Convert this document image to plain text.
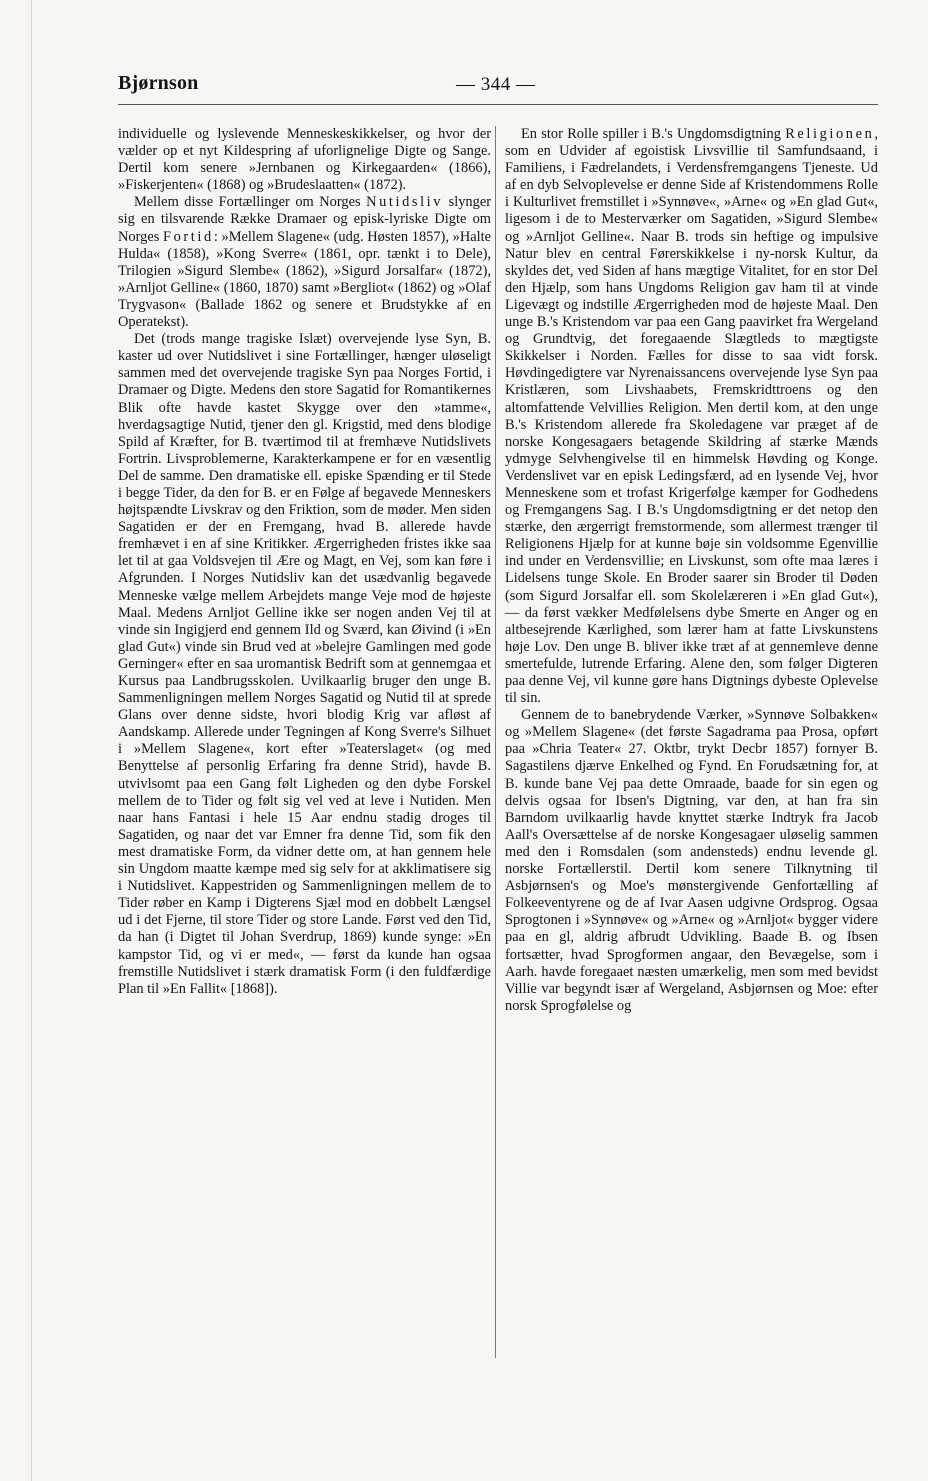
Bjørnson	— 344 —

individuelle og lyslevende Menneskeskikkelser, og hvor der vælder op et nyt Kildespring af uforlignelige Digte og Sange. Dertil kom senere »Jernbanen og Kirkegaarden« (1866), »Fiskerjenten« (1868) og »Brudeslaatten« (1872).

Mellem disse Fortællinger om Norges Nutidsliv slynger sig en tilsvarende Række Dramaer og episk-lyriske Digte om Norges Fortid: »Mellem Slagene« (udg. Høsten 1857), »Halte Hulda« (1858), »Kong Sverre« (1861, opr. tænkt i to Dele), Trilogien »Sigurd Slembe« (1862), »Sigurd Jorsalfar« (1872), »Arnljot Gelline« (1860, 1870) samt »Bergliot« (1862) og »Olaf Trygvason« (Ballade 1862 og senere et Brudstykke af en Operatekst).

Det (trods mange tragiske Islæt) overvejende lyse Syn, B. kaster ud over Nutidslivet i sine Fortællinger, hænger uløseligt sammen med det overvejende tragiske Syn paa Norges Fortid, i Dramaer og Digte. Medens den store Sagatid for Romantikernes Blik ofte havde kastet Skygge over den »tamme«, hverdagsagtige Nutid, tjener den gl. Krigstid, med dens blodige Spild af Kræfter, for B. tværtimod til at fremhæve Nutidslivets Fortrin. Livsproblemerne, Karakterkampene er for en væsentlig Del de samme. Den dramatiske ell. episke Spænding er til Stede i begge Tider, da den for B. er en Følge af begavede Menneskers højtspændte Livskrav og den Friktion, som de møder. Men siden Sagatiden er der en Fremgang, hvad B. allerede havde fremhævet i en af sine Kritikker. Ærgerrigheden fristes ikke saa let til at gaa Voldsvejen til Ære og Magt, en Vej, som kan føre i Afgrunden. I Norges Nutidsliv kan det usædvanlig begavede Menneske vælge mellem Arbejdets mange Veje mod de højeste Maal. Medens Arnljot Gelline ikke ser nogen anden Vej til at vinde sin Ingigjerd end gennem Ild og Sværd, kan Øivind (i »En glad Gut«) vinde sin Brud ved at »belejre Gamlingen med gode Gerninger« efter en saa uromantisk Bedrift som at gennemgaa et Kursus paa Landbrugsskolen. Uvilkaarlig bruger den unge B. Sammenligningen mellem Norges Sagatid og Nutid til at sprede Glans over denne sidste, hvori blodig Krig var afløst af Aandskamp. Allerede under Tegningen af Kong Sverre's Silhuet i »Mellem Slagene«, kort efter »Teaterslaget« (og med Benyttelse af personlig Erfaring fra denne Strid), havde B. utvivlsomt paa een Gang følt Ligheden og den dybe Forskel mellem de to Tider og følt sig vel ved at leve i Nutiden. Men naar hans Fantasi i hele 15 Aar endnu stadig droges til Sagatiden, og naar det var Emner fra denne Tid, som fik den mest dramatiske Form, da vidner dette om, at han gennem hele sin Ungdom maatte kæmpe med sig selv for at akklimatisere sig i Nutidslivet. Kappestriden og Sammenligningen mellem de to Tider røber en Kamp i Digterens Sjæl mod en dobbelt Længsel ud i det Fjerne, til store Tider og store Lande. Først ved den Tid, da han (i Digtet til Johan Sverdrup, 1869) kunde synge: »En kampstor Tid, og vi er med«, — først da kunde han ogsaa fremstille Nutidslivet i stærk dramatisk Form (i den fuldfærdige Plan til »En Fallit« [1868]).

En stor Rolle spiller i B.'s Ungdomsdigtning Religionen, som en Udvider af egoistisk Livsvillie til Samfundsaand, i Familiens, i Fædrelandets, i Verdensfremgangens Tjeneste. Ud af en dyb Selvoplevelse er denne Side af Kristendommens Rolle i Kulturlivet fremstillet i »Synnøve«, »Arne« og »En glad Gut«, ligesom i de to Mesterværker om Sagatiden, »Sigurd Slembe« og »Arnljot Gelline«. Naar B. trods sin heftige og impulsive Natur blev en central Førerskikkelse i ny-norsk Kultur, da skyldes det, ved Siden af hans mægtige Vitalitet, for en stor Del den Hjælp, som hans Ungdoms Religion gav ham til at vinde Ligevægt og indstille Ærgerrigheden mod de højeste Maal. Den unge B.'s Kristendom var paa een Gang paavirket fra Wergeland og Grundtvig, det foregaaende Slægtleds to mægtigste Skikkelser i Norden. Fælles for disse to saa vidt forsk. Høvdingedigtere var Nyrenaissancens overvejende lyse Syn paa Kristlæren, som Livshaabets, Fremskridttroens og den altomfattende Velvillies Religion. Men dertil kom, at den unge B.'s Kristendom allerede fra Skoledagene var præget af de norske Kongesagaers betagende Skildring af stærke Mænds ydmyge Selvhengivelse til en himmelsk Høvding og Konge. Verdenslivet var en episk Ledingsfærd, ad en lysende Vej, hvor Menneskene som et trofast Krigerfølge kæmper for Godhedens og Fremgangens Sag. I B.'s Ungdomsdigtning er det netop den stærke, den ærgerrigt fremstormende, som allermest trænger til Religionens Hjælp for at kunne bøje sin voldsomme Egenvillie ind under en Verdensvillie; en Livskunst, som ofte maa læres i Lidelsens tunge Skole. En Broder saarer sin Broder til Døden (som Sigurd Jorsalfar ell. som Skolelæreren i »En glad Gut«), — da først vækker Medfølelsens dybe Smerte en Anger og en altbesejrende Kærlighed, som lærer ham at fatte Livskunstens høje Lov. Den unge B. bliver ikke træt af at gennemleve denne smertefulde, lutrende Erfaring. Alene den, som følger Digteren paa denne Vej, vil kunne gøre hans Digtnings dybeste Oplevelse til sin.

Gennem de to banebrydende Værker, »Synnøve Solbakken« og »Mellem Slagene« (det første Sagadrama paa Prosa, opført paa »Chria Teater« 27. Oktbr, trykt Decbr 1857) fornyer B. Sagastilens djærve Enkelhed og Fynd. En Forudsætning for, at B. kunde bane Vej paa dette Omraade, baade for sin egen og delvis ogsaa for Ibsen's Digtning, var den, at han fra sin Barndom uvilkaarlig havde knyttet stærke Indtryk fra Jacob Aall's Oversættelse af de norske Kongesagaer uløselig sammen med den i Romsdalen (som andensteds) endnu levende gl. norske Fortællerstil. Dertil kom senere Tilknytning til Asbjørnsen's og Moe's mønstergivende Genfortælling af Folkeeventyrene og de af Ivar Aasen udgivne Ordsprog. Ogsaa Sprogtonen i »Synnøve« og »Arne« og »Arnljot« bygger videre paa en gl, aldrig afbrudt Udvikling. Baade B. og Ibsen fortsætter, hvad Sprogformen angaar, den Bevægelse, som i Aarh. havde foregaaet næsten umærkelig, men som med bevidst Villie var begyndt især af Wergeland, Asbjørnsen og Moe: efter norsk Sprogfølelse og
